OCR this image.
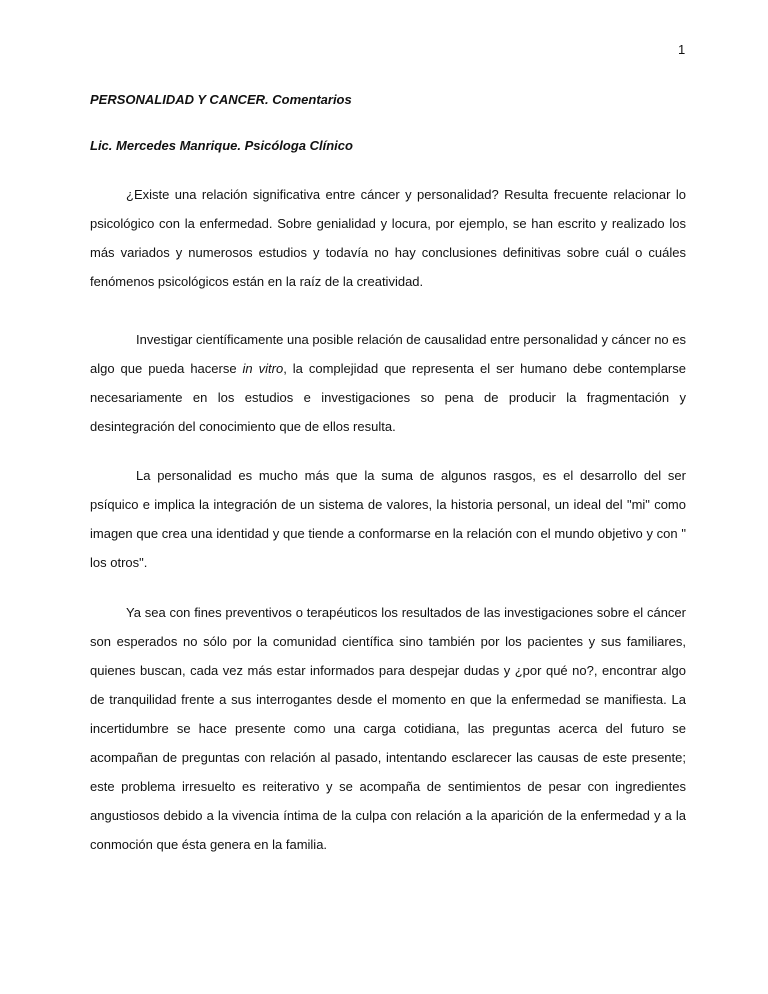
1
PERSONALIDAD Y CANCER. Comentarios
Lic. Mercedes Manrique. Psicóloga Clínico

¿Existe una relación significativa entre cáncer y personalidad? Resulta frecuente relacionar lo psicológico con la enfermedad. Sobre genialidad y locura, por ejemplo, se han escrito y realizado los más variados y numerosos estudios y todavía no hay conclusiones definitivas sobre cuál o cuáles fenómenos psicológicos están en la raíz de la creatividad.

Investigar científicamente una posible relación de causalidad entre personalidad y cáncer no es algo que pueda hacerse in vitro, la complejidad que representa el ser humano debe contemplarse necesariamente en los estudios e investigaciones so pena de producir la fragmentación y desintegración del conocimiento que de ellos resulta.

La personalidad es mucho más que la suma de algunos rasgos, es el desarrollo del ser psíquico e implica la integración de un sistema de valores, la historia personal, un ideal del "mi" como imagen que crea una identidad y que tiende a conformarse en la relación con el mundo objetivo y con " los otros".

Ya sea con fines preventivos o terapéuticos los resultados de las investigaciones sobre el cáncer son esperados no sólo por la comunidad científica sino también por los pacientes y sus familiares, quienes buscan, cada vez más estar informados para despejar dudas y ¿por qué no?, encontrar algo de tranquilidad frente a sus interrogantes desde el momento en que la enfermedad se manifiesta. La incertidumbre se hace presente como una carga cotidiana, las preguntas acerca del futuro se acompañan de preguntas con relación al pasado, intentando esclarecer las causas de este presente; este problema irresuelto es reiterativo y se acompaña de sentimientos de pesar con ingredientes angustiosos debido a la vivencia íntima de la culpa con relación a la aparición de la enfermedad y a la conmoción que ésta genera en la familia.
